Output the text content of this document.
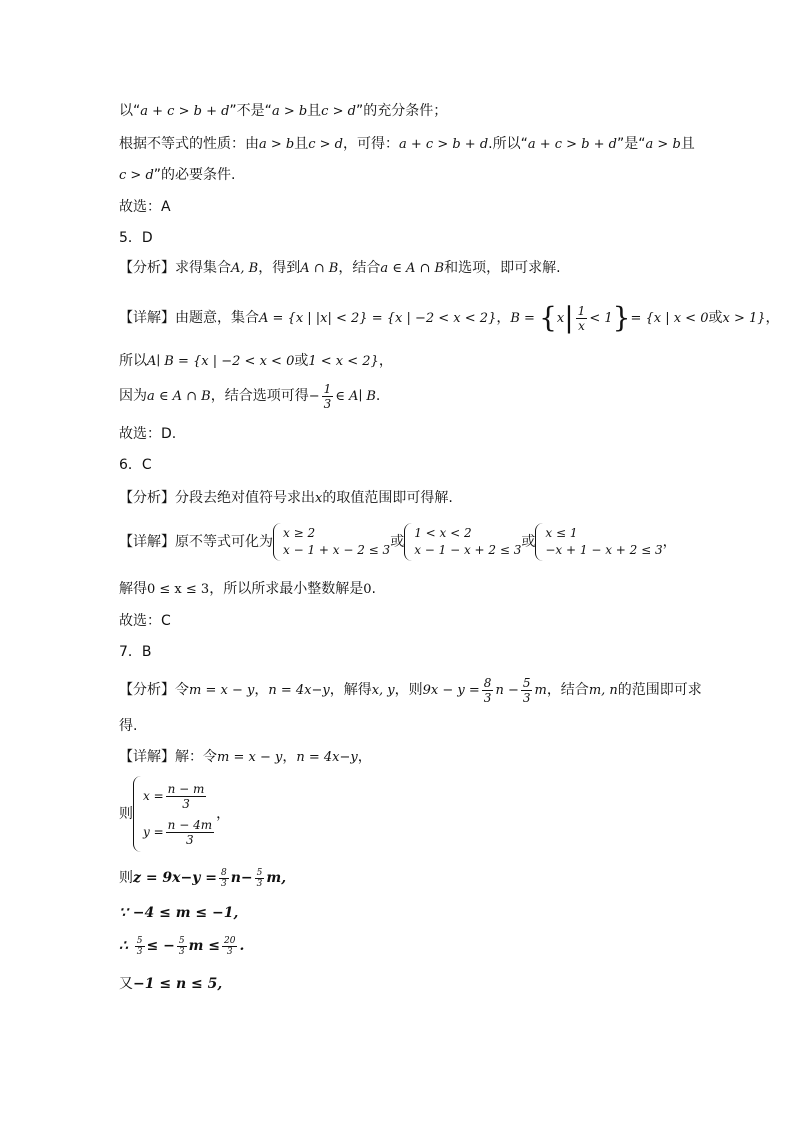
以“a + c > b + d”不是“a > b且c > d”的充分条件；
根据不等式的性质：由a > b且c > d，可得：a + c > b + d.所以“a + c > b + d”是“a > b且
c > d”的必要条件.
故选：A
5．D
【分析】求得集合A, B，得到A ∩ B，结合a ∈ A ∩ B和选项，即可求解.
【详解】由题意，集合A = {x | |x| < 2} = {x | −2 < x < 2}，$B = \{x| \frac{1}{x} < 1\}= \{x$ | x < 0或x > 1}，
所以A∣ B = {x | −2 < x < 0或1 < x < 2}，
因为a ∈ A ∩ B，结合选项可得− $\frac{1}{3}$ ∈ A∣ B.
故选：D.
6．C
【分析】分段去绝对值符号求出x的取值范围即可得解.
【详解】原不等式可化为
x ≥ 2
x − 1 + x − 2 ≤ 3 或
1 < x < 2
x − 1 − x + 2 ≤ 3 或
x ≤ 1
−x + 1 − x + 2 ≤ 3 ，
解得0 ≤ x ≤ 3，所以所求最小整数解是0.
故选：C
7．B
【分析】令m = x − y，n = 4x−y，解得x, y，则$9x - y = \frac{8}{3}$ $n - \frac{5}{3}$ m，结合m, n的范围即可求
得.
【详解】解：令m = x − y，n = 4x−y，
则
$x = \frac{n - m}{3}$
$y = \frac{n - 4m}{3}$
，
则$z = 9x-y = \frac{8}{3} n- \frac{5}{3} m$,
∵ −4 ≤ m ≤ −1,
∴ $\frac{5}{3}$ ≤ − $\frac{5}{3}$ $m \le \frac{20}{3}$ .
又−1 ≤ n ≤ 5,
